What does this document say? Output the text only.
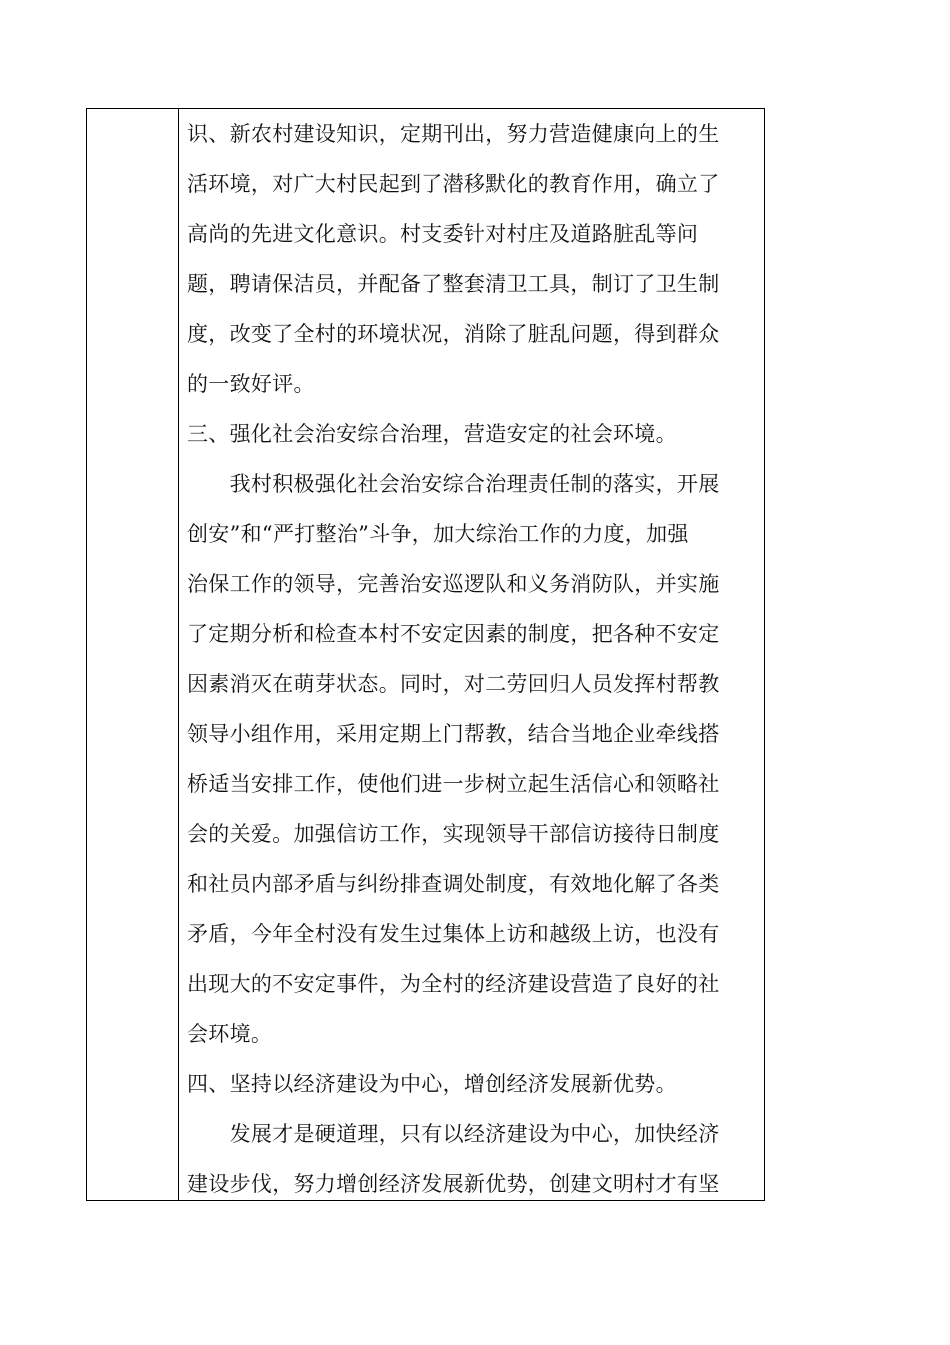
识、新农村建设知识，定期刊出，努力营造健康向上的生
活环境，对广大村民起到了潜移默化的教育作用，确立了
高尚的先进文化意识。村支委针对村庄及道路脏乱等问
题，聘请保洁员，并配备了整套清卫工具，制订了卫生制
度，改变了全村的环境状况，消除了脏乱问题，得到群众
的一致好评。
三、强化社会治安综合治理，营造安定的社会环境。
　　我村积极强化社会治安综合治理责任制的落实，开展
创安”和“严打整治”斗争，加大综治工作的力度，加强
治保工作的领导，完善治安巡逻队和义务消防队，并实施
了定期分析和检查本村不安定因素的制度，把各种不安定
因素消灭在萌芽状态。同时，对二劳回归人员发挥村帮教
领导小组作用，采用定期上门帮教，结合当地企业牵线搭
桥适当安排工作，使他们进一步树立起生活信心和领略社
会的关爱。加强信访工作，实现领导干部信访接待日制度
和社员内部矛盾与纠纷排查调处制度，有效地化解了各类
矛盾，今年全村没有发生过集体上访和越级上访，也没有
出现大的不安定事件，为全村的经济建设营造了良好的社
会环境。
四、坚持以经济建设为中心，增创经济发展新优势。
　　发展才是硬道理，只有以经济建设为中心，加快经济
建设步伐，努力增创经济发展新优势，创建文明村才有坚
